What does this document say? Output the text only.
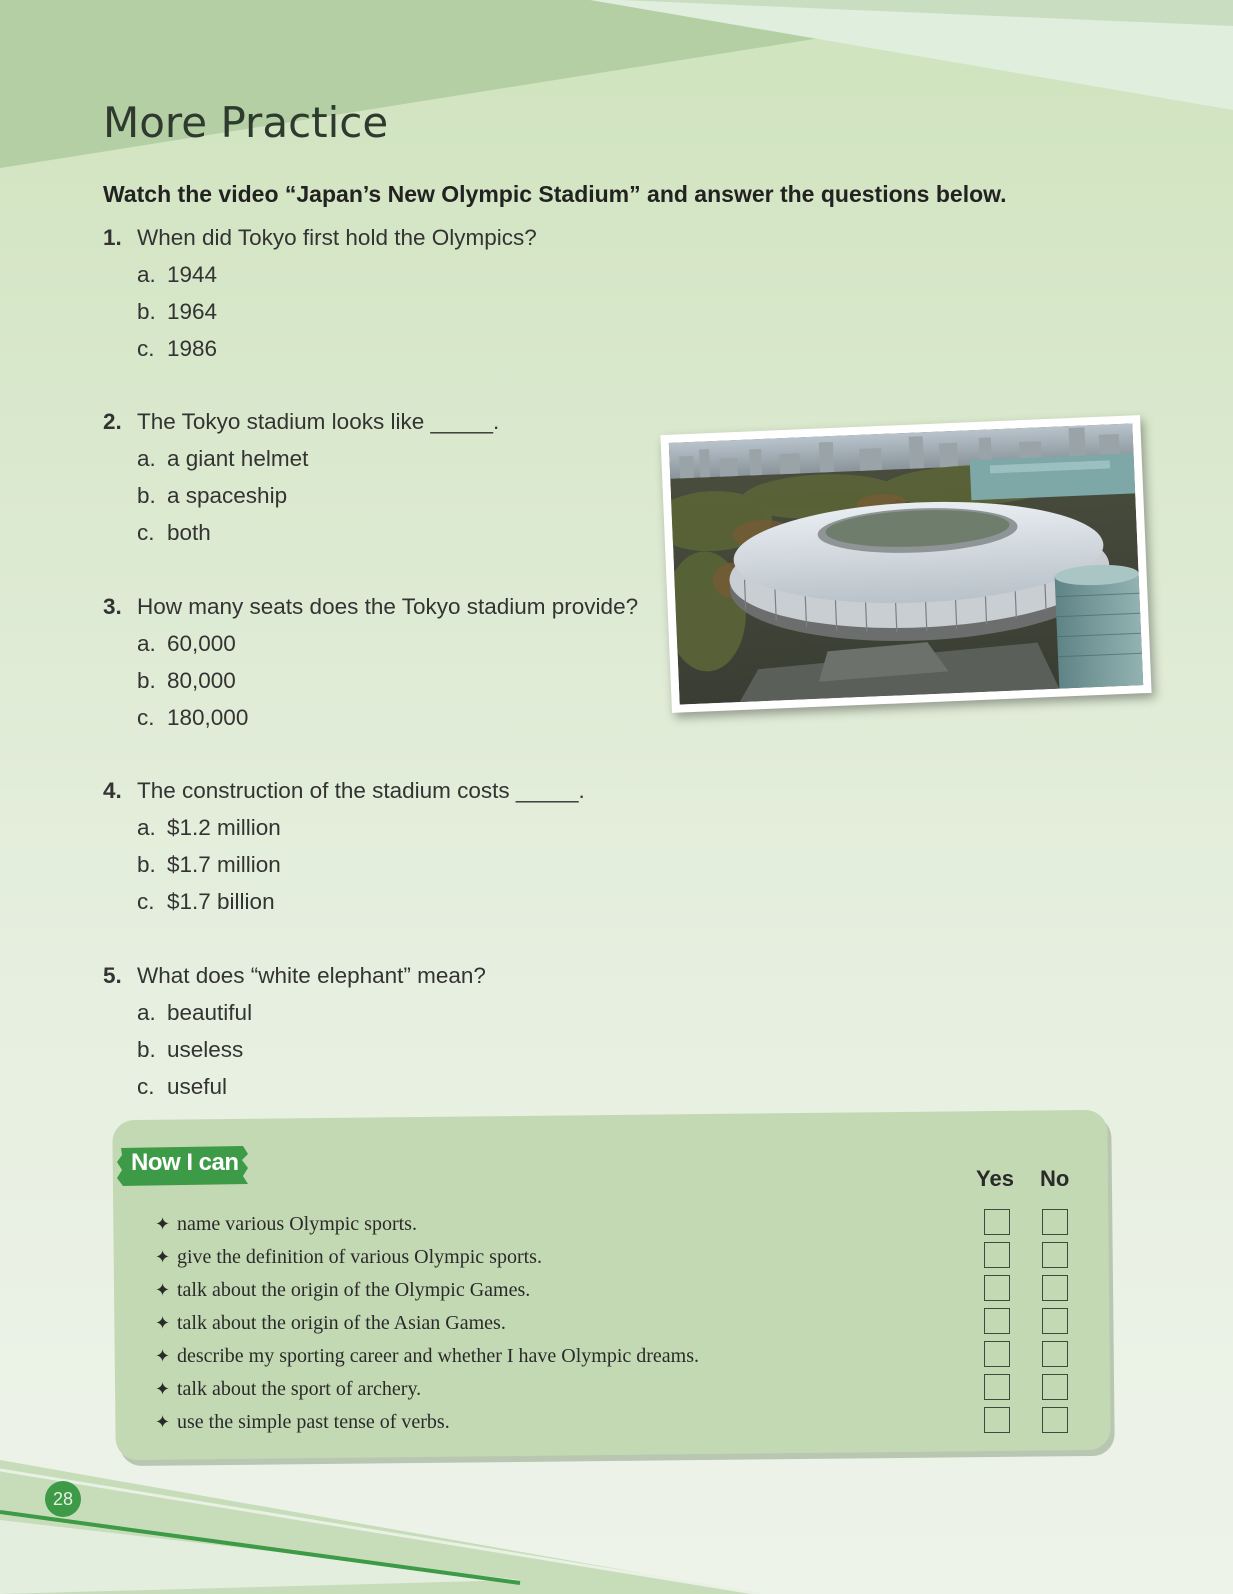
More Practice

Watch the video “Japan’s New Olympic Stadium” and answer the questions below.

1. When did Tokyo first hold the Olympics?
a. 1944
b. 1964
c. 1986
2. The Tokyo stadium looks like _____.
a. a giant helmet
b. a spaceship
c. both
3. How many seats does the Tokyo stadium provide?
a. 60,000
b. 80,000
c. 180,000
4. The construction of the stadium costs _____.
a. $1.2 million
b. $1.7 million
c. $1.7 billion
5. What does “white elephant” mean?
a. beautiful
b. useless
c. useful
Now I can
Yes No
✦ name various Olympic sports.
✦ give the definition of various Olympic sports.
✦ talk about the origin of the Olympic Games.
✦ talk about the origin of the Asian Games.
✦ describe my sporting career and whether I have Olympic dreams.
✦ talk about the sport of archery.
✦ use the simple past tense of verbs.
28
